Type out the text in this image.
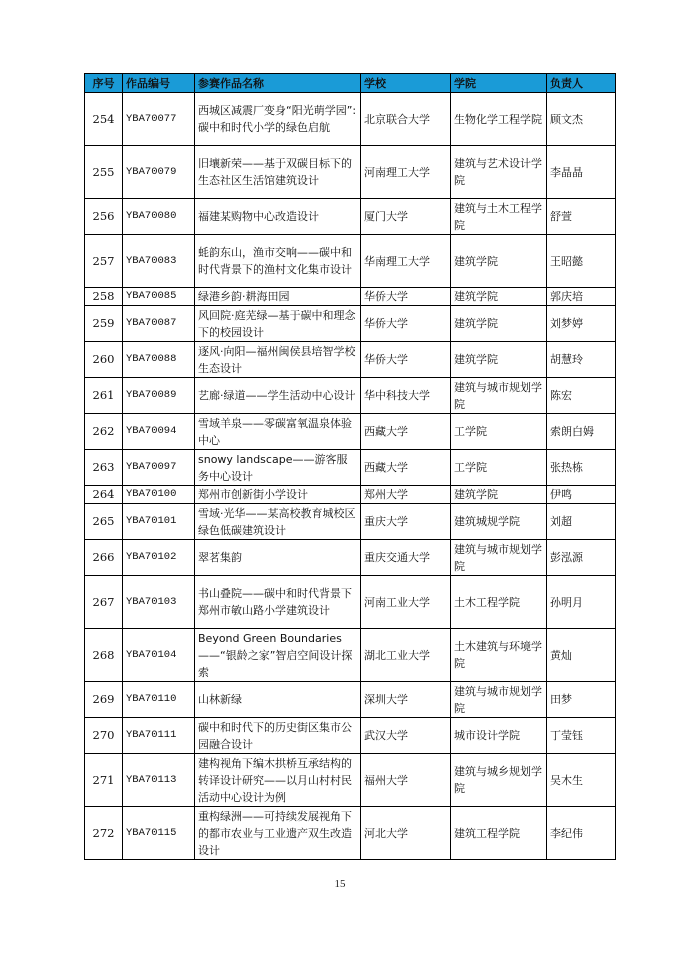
序号	作品编号	参赛作品名称	学校	学院	负责人
254	YBA70077	西城区减震厂变身“阳光萌学园”:碳中和时代小学的绿色启航	北京联合大学	生物化学工程学院	顾文杰
255	YBA70079	旧壤新荣——基于双碳目标下的生态社区生活馆建筑设计	河南理工大学	建筑与艺术设计学院	李晶晶
256	YBA70080	福建某购物中心改造设计	厦门大学	建筑与土木工程学院	舒萱
257	YBA70083	蚝韵东山，渔市交响——碳中和时代背景下的渔村文化集市设计	华南理工大学	建筑学院	王昭懿
258	YBA70085	绿港乡韵·耕海田园	华侨大学	建筑学院	郭庆培
259	YBA70087	风回院·庭芜绿—基于碳中和理念下的校园设计	华侨大学	建筑学院	刘梦婷
260	YBA70088	逐风·向阳—福州闽侯县培智学校生态设计	华侨大学	建筑学院	胡慧玲
261	YBA70089	艺廊·绿道——学生活动中心设计	华中科技大学	建筑与城市规划学院	陈宏
262	YBA70094	雪域羊泉——零碳富氧温泉体验中心	西藏大学	工学院	索朗白姆
263	YBA70097	snowy landscape——游客服务中心设计	西藏大学	工学院	张热栋
264	YBA70100	郑州市创新街小学设计	郑州大学	建筑学院	伊鸣
265	YBA70101	雪域·光华——某高校教育城校区绿色低碳建筑设计	重庆大学	建筑城规学院	刘超
266	YBA70102	翠茗集韵	重庆交通大学	建筑与城市规划学院	彭泓源
267	YBA70103	书山叠院——碳中和时代背景下郑州市敏山路小学建筑设计	河南工业大学	土木工程学院	孙明月
268	YBA70104	Beyond Green Boundaries——“银龄之家”智启空间设计探索	湖北工业大学	土木建筑与环境学院	黄灿
269	YBA70110	山林新绿	深圳大学	建筑与城市规划学院	田梦
270	YBA70111	碳中和时代下的历史街区集市公园融合设计	武汉大学	城市设计学院	丁莹钰
271	YBA70113	建构视角下编木拱桥互承结构的转译设计研究——以月山村村民活动中心设计为例	福州大学	建筑与城乡规划学院	吴木生
272	YBA70115	重构绿洲——可持续发展视角下的都市农业与工业遗产双生改造设计	河北大学	建筑工程学院	李纪伟
15
